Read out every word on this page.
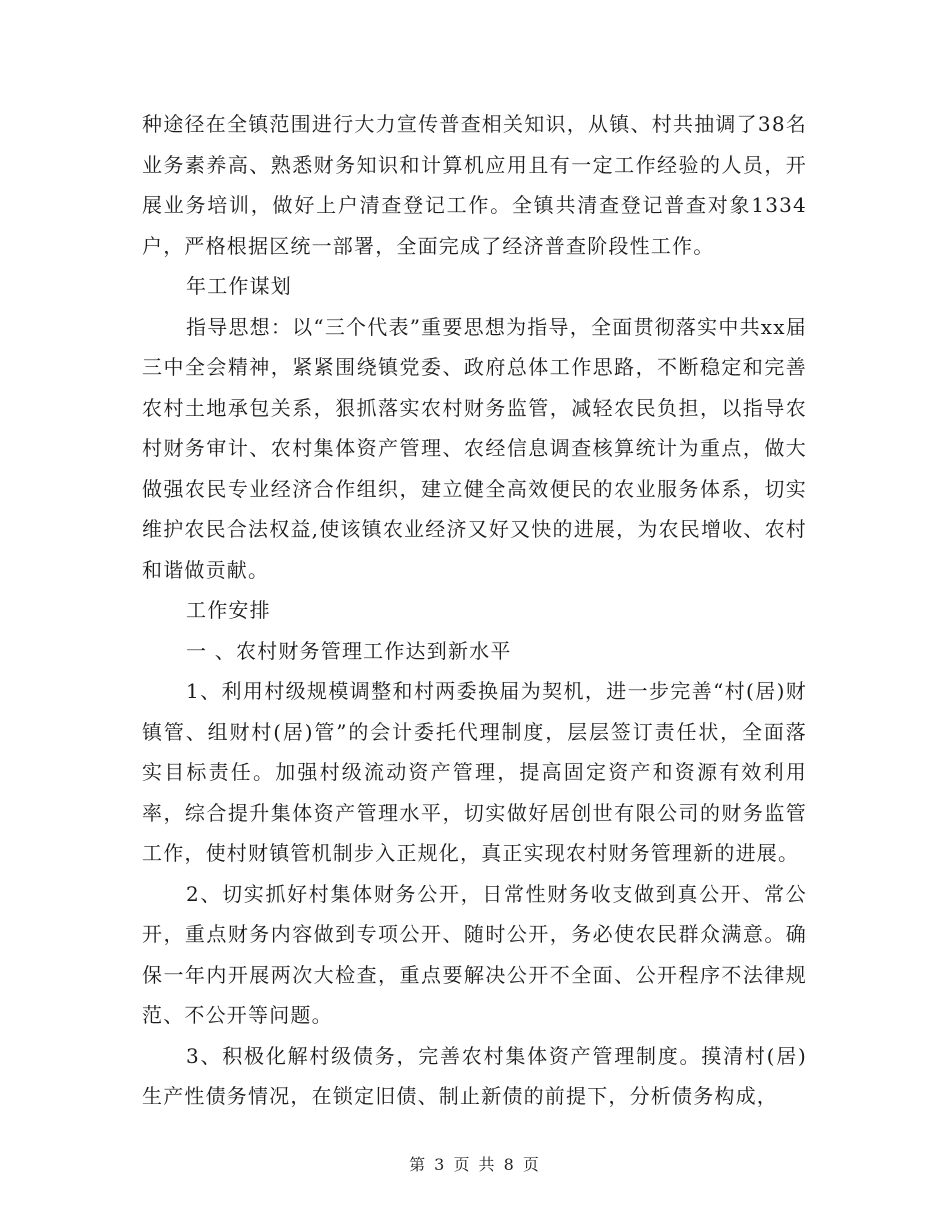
种途径在全镇范围进行大力宣传普查相关知识，从镇、村共抽调了38名业务素养高、熟悉财务知识和计算机应用且有一定工作经验的人员，开展业务培训，做好上户清查登记工作。全镇共清查登记普查对象1334户，严格根据区统一部署，全面完成了经济普查阶段性工作。

年工作谋划

指导思想：以“三个代表”重要思想为指导，全面贯彻落实中共xx届三中全会精神，紧紧围绕镇党委、政府总体工作思路，不断稳定和完善农村土地承包关系，狠抓落实农村财务监管，减轻农民负担，以指导农村财务审计、农村集体资产管理、农经信息调查核算统计为重点，做大做强农民专业经济合作组织，建立健全高效便民的农业服务体系，切实维护农民合法权益,使该镇农业经济又好又快的进展，为农民增收、农村和谐做贡献。

工作安排

一 、农村财务管理工作达到新水平

1、利用村级规模调整和村两委换届为契机，进一步完善“村(居)财镇管、组财村(居)管”的会计委托代理制度，层层签订责任状，全面落实目标责任。加强村级流动资产管理，提高固定资产和资源有效利用率，综合提升集体资产管理水平，切实做好居创世有限公司的财务监管工作，使村财镇管机制步入正规化，真正实现农村财务管理新的进展。

2、切实抓好村集体财务公开，日常性财务收支做到真公开、常公开，重点财务内容做到专项公开、随时公开，务必使农民群众满意。确保一年内开展两次大检查，重点要解决公开不全面、公开程序不法律规范、不公开等问题。

3、积极化解村级债务，完善农村集体资产管理制度。摸清村(居)生产性债务情况，在锁定旧债、制止新债的前提下，分析债务构成，

第 3 页 共 8 页
